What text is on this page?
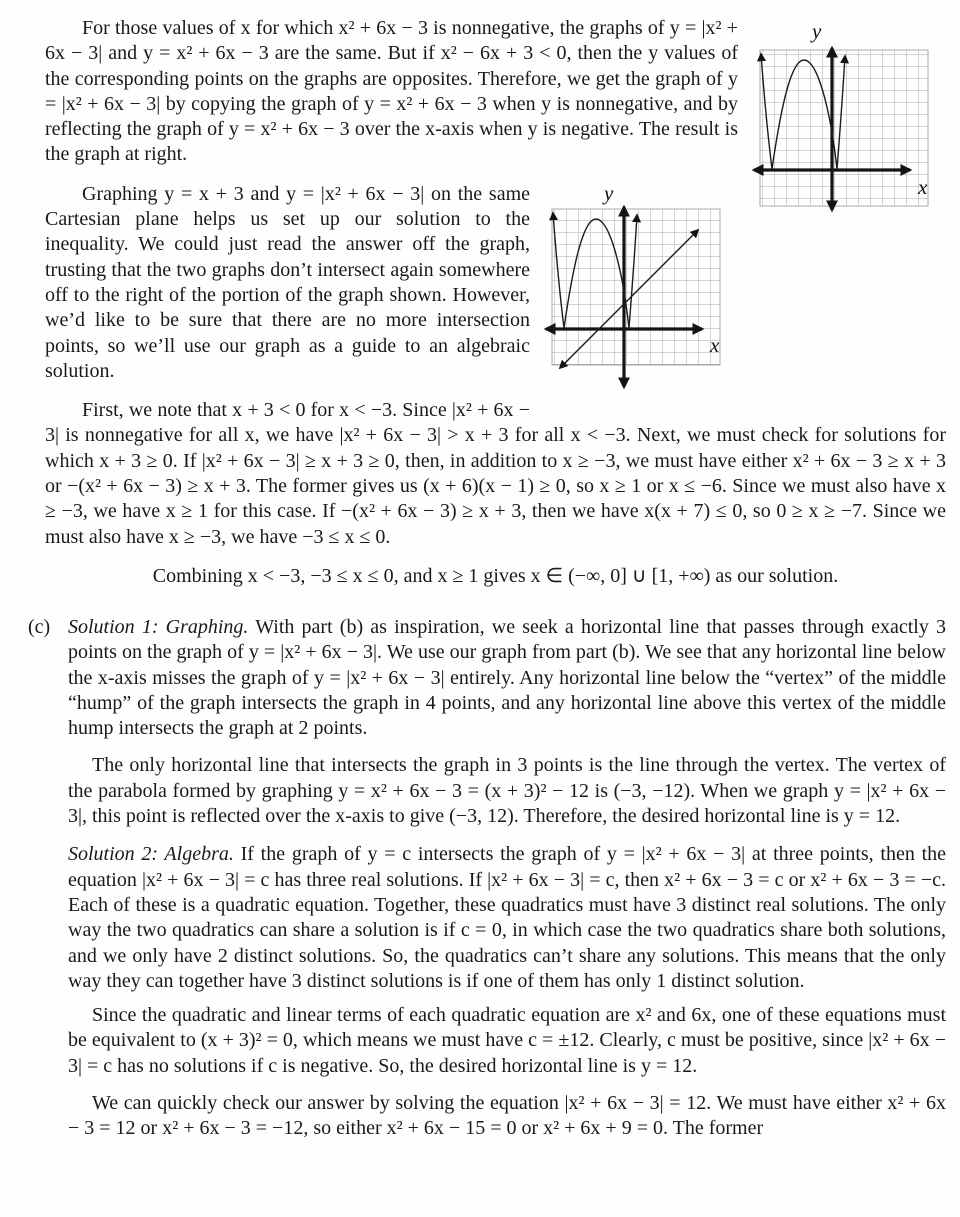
y
x

For those values of x for which x² + 6x − 3 is nonnegative, the graphs of y = |x² + 6x − 3| and y = x² + 6x − 3 are the same. But if x² − 6x + 3 < 0, then the y values of the corresponding points on the graphs are opposites. Therefore, we get the graph of y = |x² + 6x − 3| by copying the graph of y = x² + 6x − 3 when y is nonnegative, and by reflecting the graph of y = x² + 6x − 3 over the x-axis when y is negative. The result is the graph at right.

y
x

Graphing y = x + 3 and y = |x² + 6x − 3| on the same Cartesian plane helps us set up our solution to the inequality. We could just read the answer off the graph, trusting that the two graphs don’t intersect again somewhere off to the right of the portion of the graph shown. However, we’d like to be sure that there are no more intersection points, so we’ll use our graph as a guide to an algebraic solution.

First, we note that x + 3 < 0 for x < −3. Since |x² + 6x − 3| is nonnegative for all x, we have |x² + 6x − 3| > x + 3 for all x < −3. Next, we must check for solutions for which x + 3 ≥ 0. If |x² + 6x − 3| ≥ x + 3 ≥ 0, then, in addition to x ≥ −3, we must have either x² + 6x − 3 ≥ x + 3 or −(x² + 6x − 3) ≥ x + 3. The former gives us (x + 6)(x − 1) ≥ 0, so x ≥ 1 or x ≤ −6. Since we must also have x ≥ −3, we have x ≥ 1 for this case. If −(x² + 6x − 3) ≥ x + 3, then we have x(x + 7) ≤ 0, so 0 ≥ x ≥ −7. Since we must also have x ≥ −3, we have −3 ≤ x ≤ 0.

Combining x < −3, −3 ≤ x ≤ 0, and x ≥ 1 gives x ∈ (−∞, 0] ∪ [1, +∞) as our solution.

(c) Solution 1: Graphing. With part (b) as inspiration, we seek a horizontal line that passes through exactly 3 points on the graph of y = |x² + 6x − 3|. We use our graph from part (b). We see that any horizontal line below the x-axis misses the graph of y = |x² + 6x − 3| entirely. Any horizontal line below the “vertex” of the middle “hump” of the graph intersects the graph in 4 points, and any horizontal line above this vertex of the middle hump intersects the graph at 2 points.

The only horizontal line that intersects the graph in 3 points is the line through the vertex. The vertex of the parabola formed by graphing y = x² + 6x − 3 = (x + 3)² − 12 is (−3, −12). When we graph y = |x² + 6x − 3|, this point is reflected over the x-axis to give (−3, 12). Therefore, the desired horizontal line is y = 12.

Solution 2: Algebra. If the graph of y = c intersects the graph of y = |x² + 6x − 3| at three points, then the equation |x² + 6x − 3| = c has three real solutions. If |x² + 6x − 3| = c, then x² + 6x − 3 = c or x² + 6x − 3 = −c. Each of these is a quadratic equation. Together, these quadratics must have 3 distinct real solutions. The only way the two quadratics can share a solution is if c = 0, in which case the two quadratics share both solutions, and we only have 2 distinct solutions. So, the quadratics can’t share any solutions. This means that the only way they can together have 3 distinct solutions is if one of them has only 1 distinct solution.

Since the quadratic and linear terms of each quadratic equation are x² and 6x, one of these equations must be equivalent to (x + 3)² = 0, which means we must have c = ±12. Clearly, c must be positive, since |x² + 6x − 3| = c has no solutions if c is negative. So, the desired horizontal line is y = 12.

We can quickly check our answer by solving the equation |x² + 6x − 3| = 12. We must have either x² + 6x − 3 = 12 or x² + 6x − 3 = −12, so either x² + 6x − 15 = 0 or x² + 6x + 9 = 0. The former
